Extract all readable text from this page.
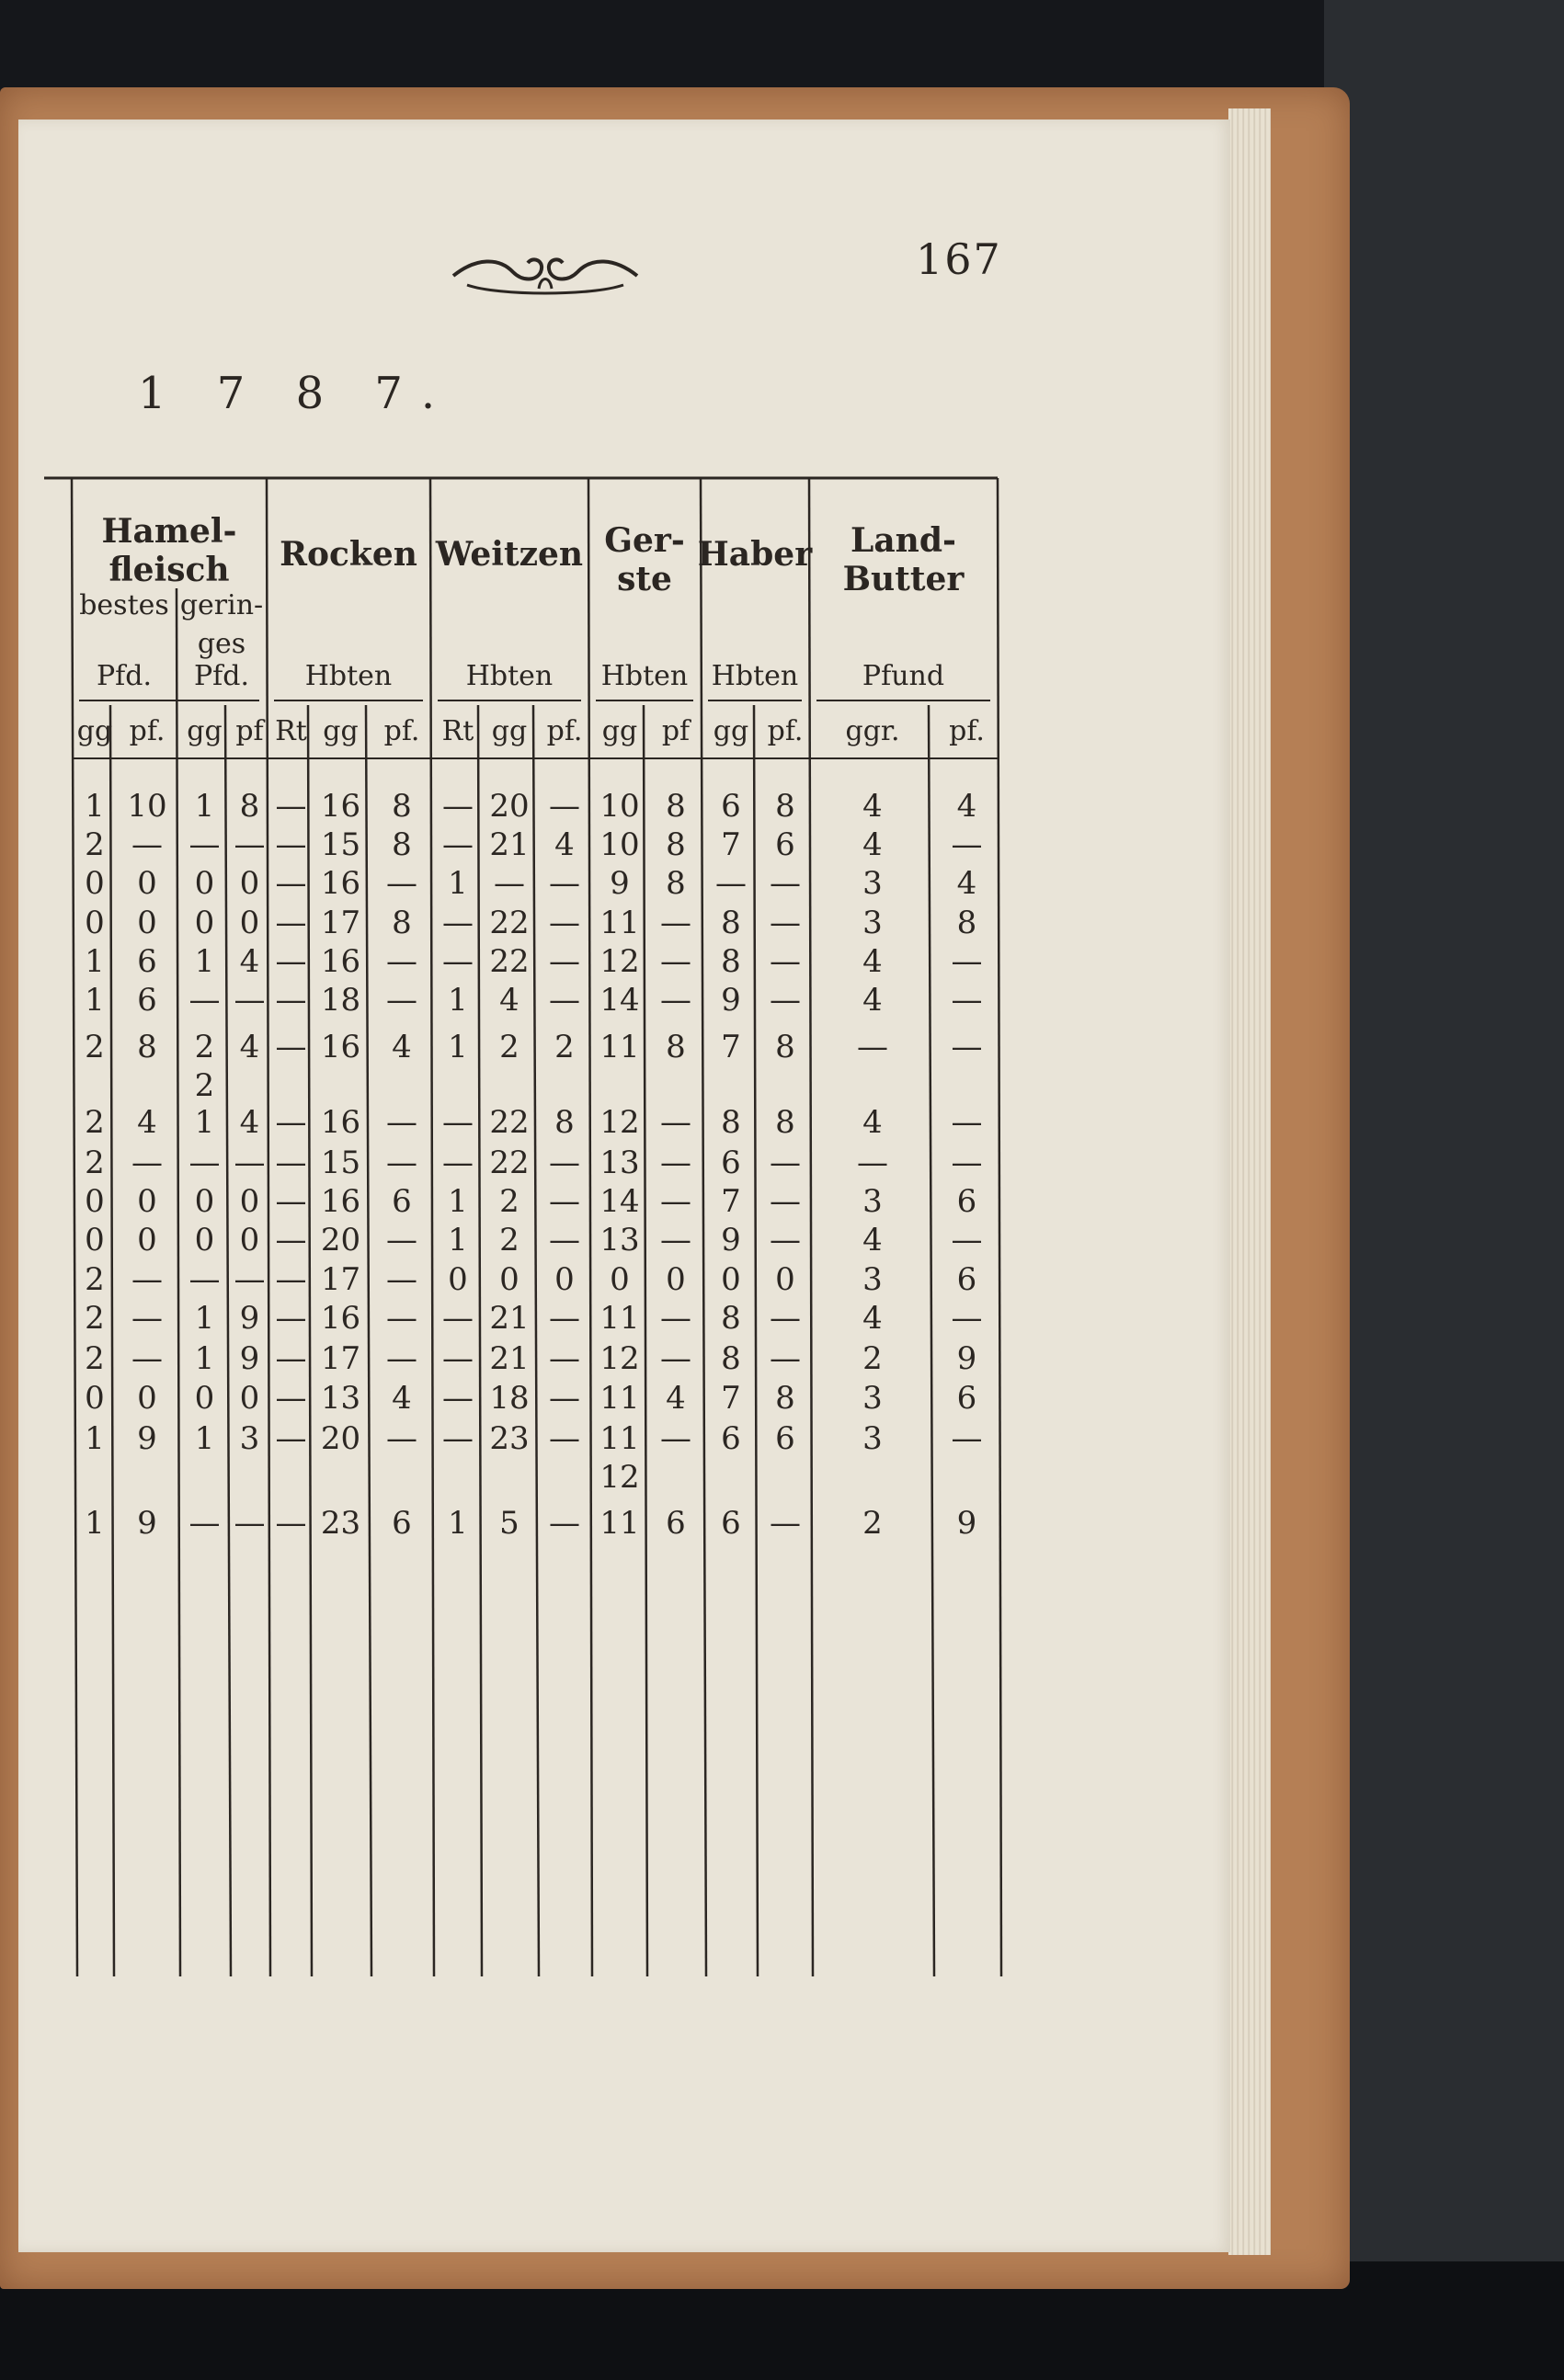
167
1 7 8 7.
Hamel-
fleisch
bestes gerin-
ges
Pfd. Pfd.
Rocken
Hbten
Weitzen
Hbten
Ger-
ste
Hbten
Haber
Hbten
Land-
Butter
Pfund
gg pf. gg pf Rt gg pf. Rt gg pf. gg pf gg pf. ggr. pf.
1 10 1 8 — 16 8 — 20 — 10 8 6 8 4 4
2 — — — — 15 8 — 21 4 10 8 7 6 4 —
0 0 0 0 — 16 — 1 — — 9 8 — — 3 4
0 0 0 0 — 17 8 — 22 — 11 — 8 — 3 8
1 6 1 4 — 16 — — 22 — 12 — 8 — 4 —
1 6 — — — 18 — 1 4 — 14 — 9 — 4 —
2 8 2
2
4 — 16 4 1 2 2 11 8 7 8 — —
2 4 1 4 — 16 — — 22 8 12 — 8 8 4 —
2 — — — — 15 — — 22 — 13 — 6 — — —
0 0 0 0 — 16 6 1 2 — 14 — 7 — 3 6
0 0 0 0 — 20 — 1 2 — 13 — 9 — 4 —
2 — — — — 17 — 0 0 0 0 0 0 0 3 6
2 — 1 9 — 16 — — 21 — 11 — 8 — 4 —
2 — 1 9 — 17 — — 21 — 12 — 8 — 2 9
0 0 0 0 — 13 4 — 18 — 11 4 7 8 3 6
1 9 1 3 — 20 — — 23 — 11
12
— 6 6 3 —
1 9 — — — 23 6 1 5 — 11 6 6 — 2 9
